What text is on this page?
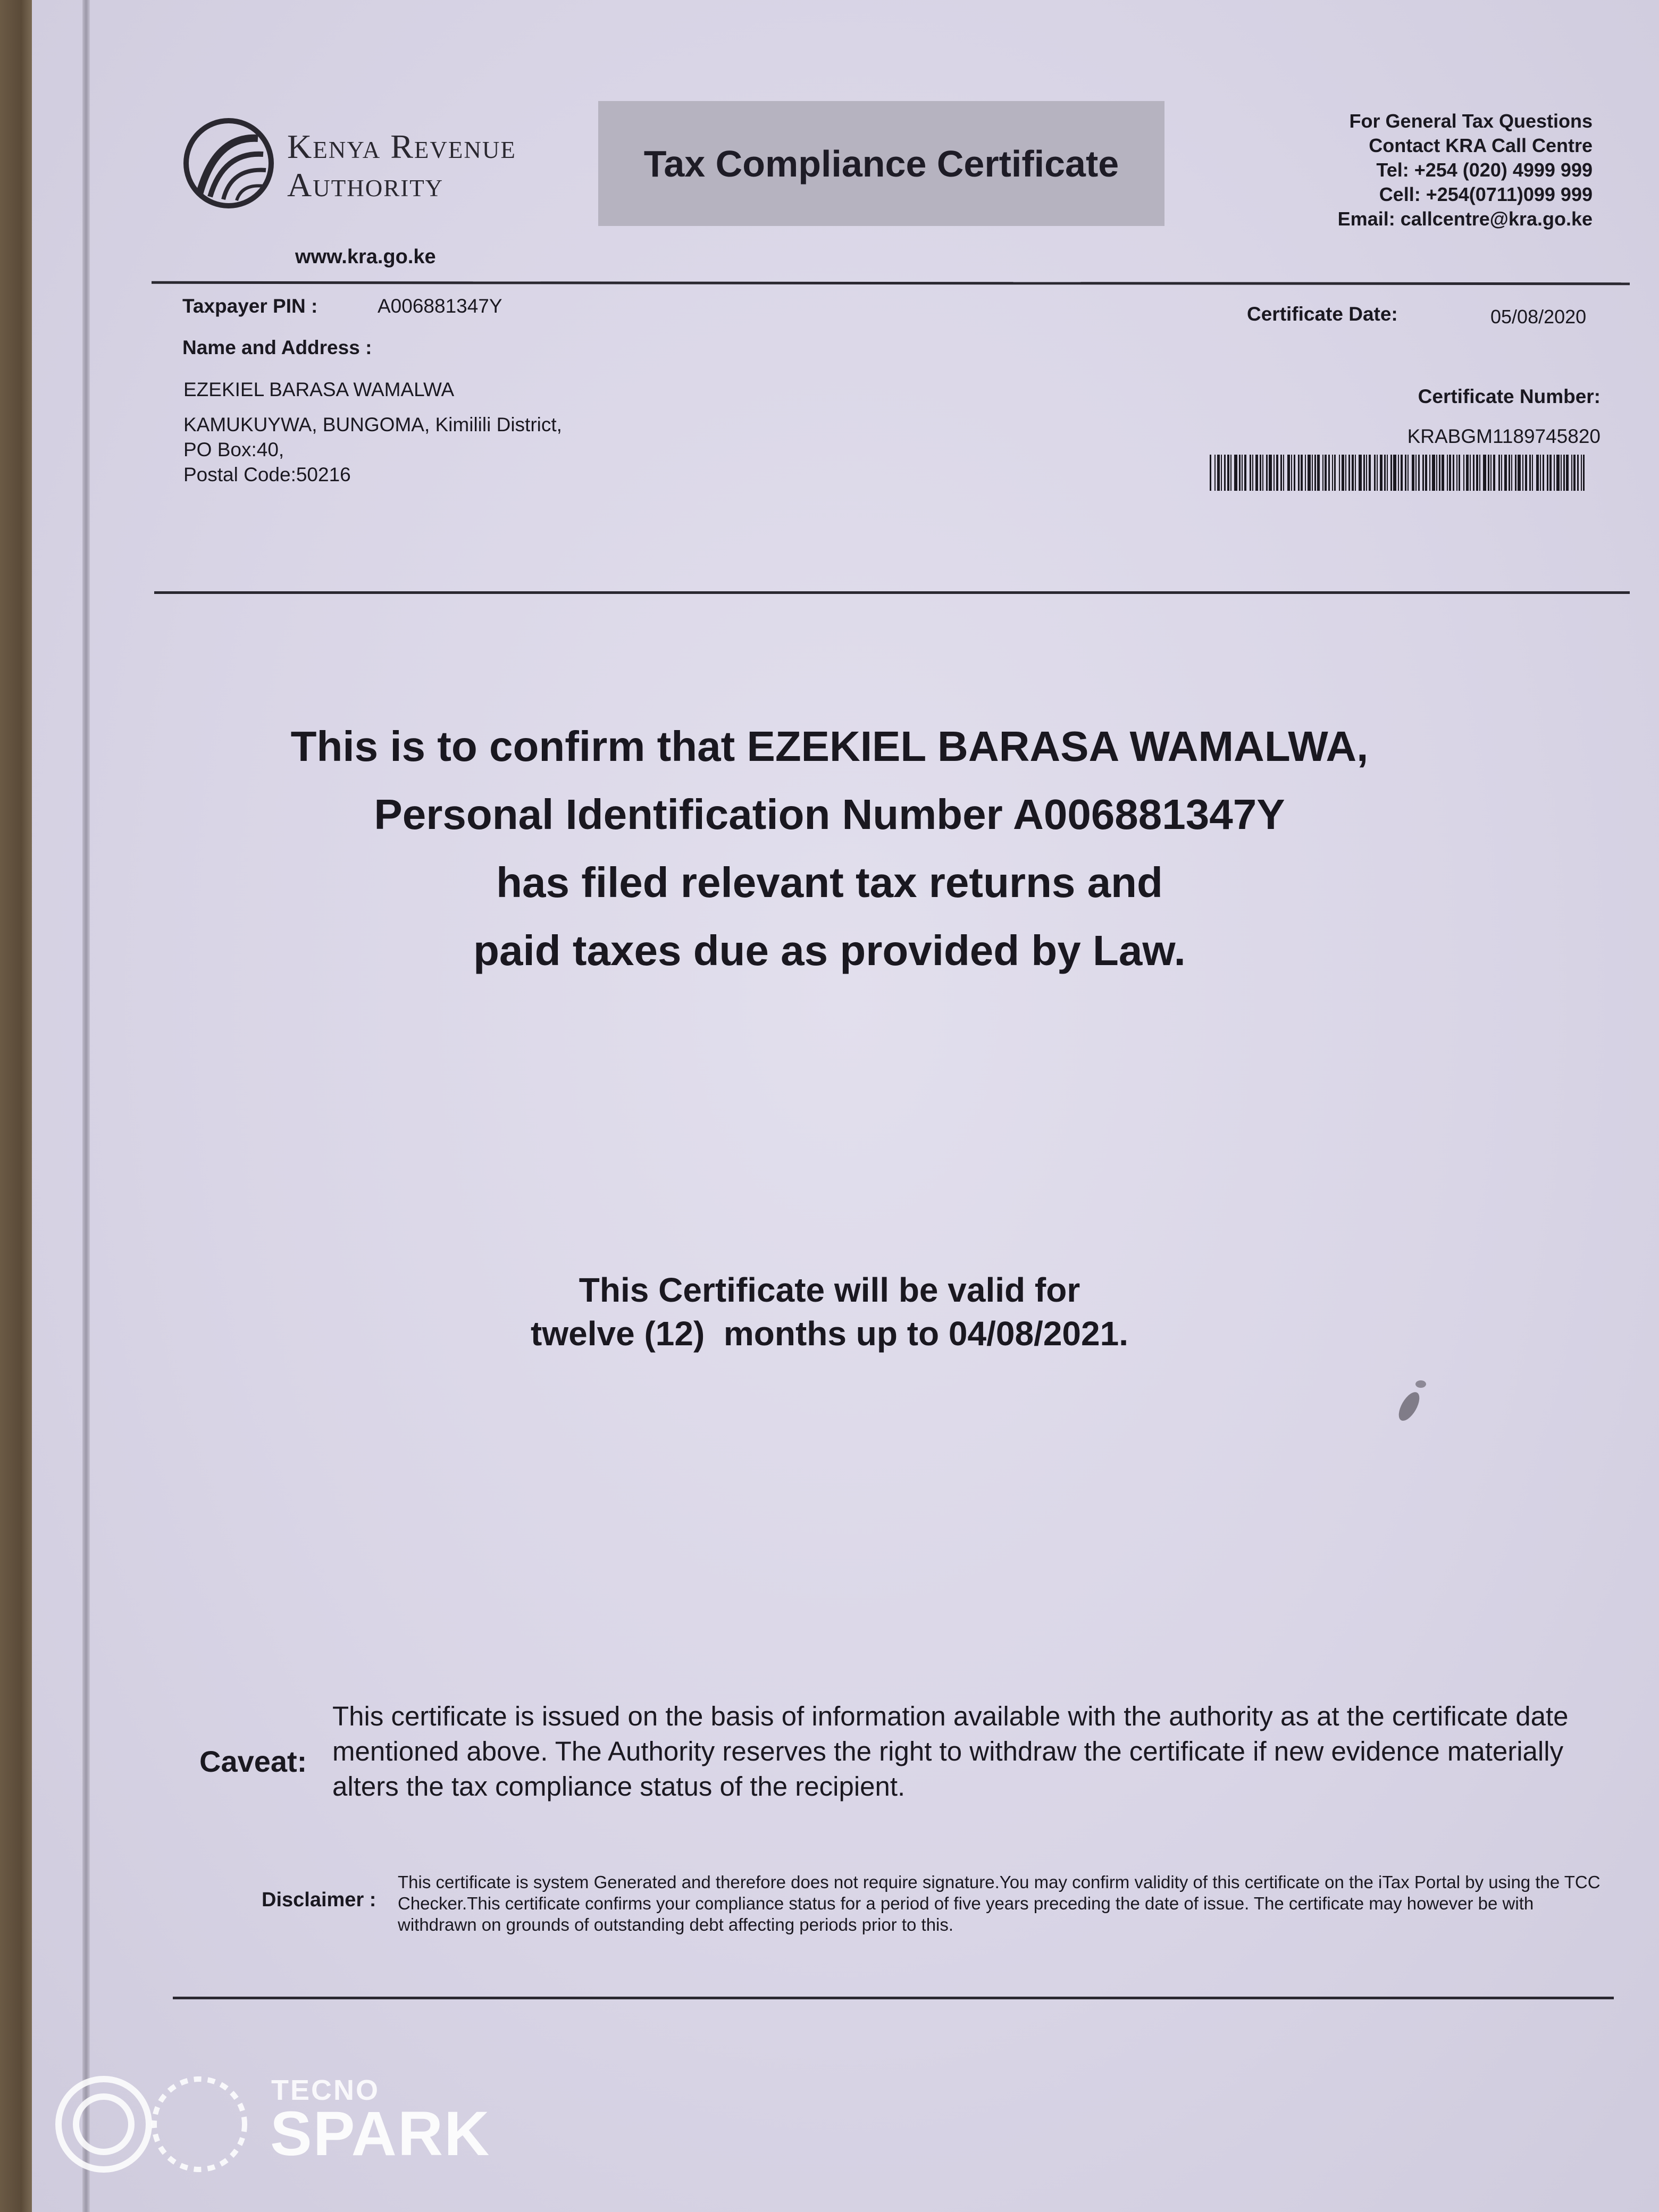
Kenya Revenue
Authority
www.kra.go.ke
Tax Compliance Certificate
For General Tax Questions
Contact KRA Call Centre
Tel: +254 (020) 4999 999
Cell: +254(0711)099 999
Email: callcentre@kra.go.ke
Taxpayer PIN :	A006881347Y
Name and Address :
EZEKIEL BARASA WAMALWA
KAMUKUYWA, BUNGOMA, Kimilili District,
PO Box:40,
Postal Code:50216
Certificate Date:	05/08/2020
Certificate Number:
KRABGM1189745820
This is to confirm that EZEKIEL BARASA WAMALWA,
Personal Identification Number A006881347Y
has filed relevant tax returns and
paid taxes due as provided by Law.
This Certificate will be valid for
twelve (12)  months up to 04/08/2021.
Caveat:
This certificate is issued on the basis of information available with the authority as at the certificate date mentioned above. The Authority reserves the right to withdraw the certificate if new evidence materially alters the tax compliance status of the recipient.
Disclaimer :
This certificate is system Generated and therefore does not require signature.You may confirm validity of this certificate on the iTax Portal by using the TCC Checker.This certificate confirms your compliance status for a period of five years preceding the date of issue. The certificate may however be with withdrawn on grounds of outstanding debt affecting periods prior to this.
TECNO
SPARK
